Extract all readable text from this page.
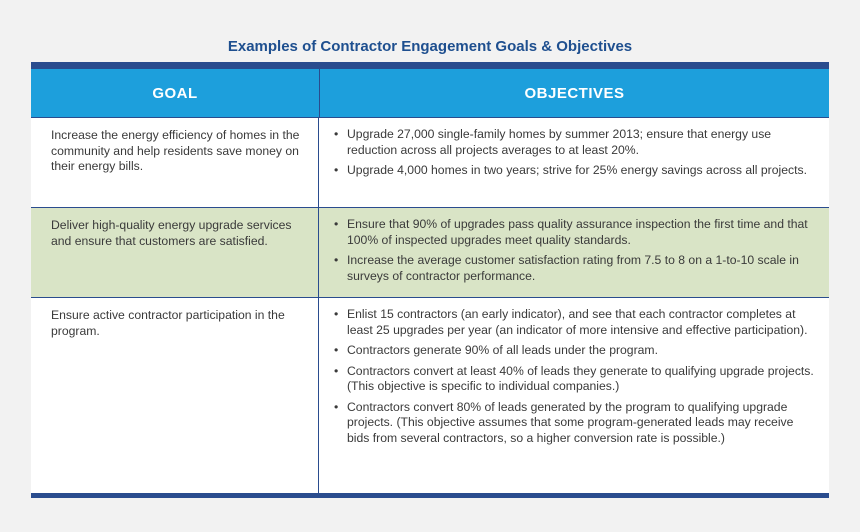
Examples of Contractor Engagement Goals & Objectives
GOAL	OBJECTIVES
Increase the energy efficiency of homes in the community and help residents save money on their energy bills.
• Upgrade 27,000 single-family homes by summer 2013; ensure that energy use reduction across all projects averages to at least 20%.
• Upgrade 4,000 homes in two years; strive for 25% energy savings across all projects.
Deliver high-quality energy upgrade services and ensure that customers are satisfied.
• Ensure that 90% of upgrades pass quality assurance inspection the first time and that 100% of inspected upgrades meet quality standards.
• Increase the average customer satisfaction rating from 7.5 to 8 on a 1-to-10 scale in surveys of contractor performance.
Ensure active contractor participation in the program.
• Enlist 15 contractors (an early indicator), and see that each contractor completes at least 25 upgrades per year (an indicator of more intensive and effective participation).
• Contractors generate 90% of all leads under the program.
• Contractors convert at least 40% of leads they generate to qualifying upgrade projects. (This objective is specific to individual companies.)
• Contractors convert 80% of leads generated by the program to qualifying upgrade projects. (This objective assumes that some program-generated leads may receive bids from several contractors, so a higher conversion rate is possible.)
